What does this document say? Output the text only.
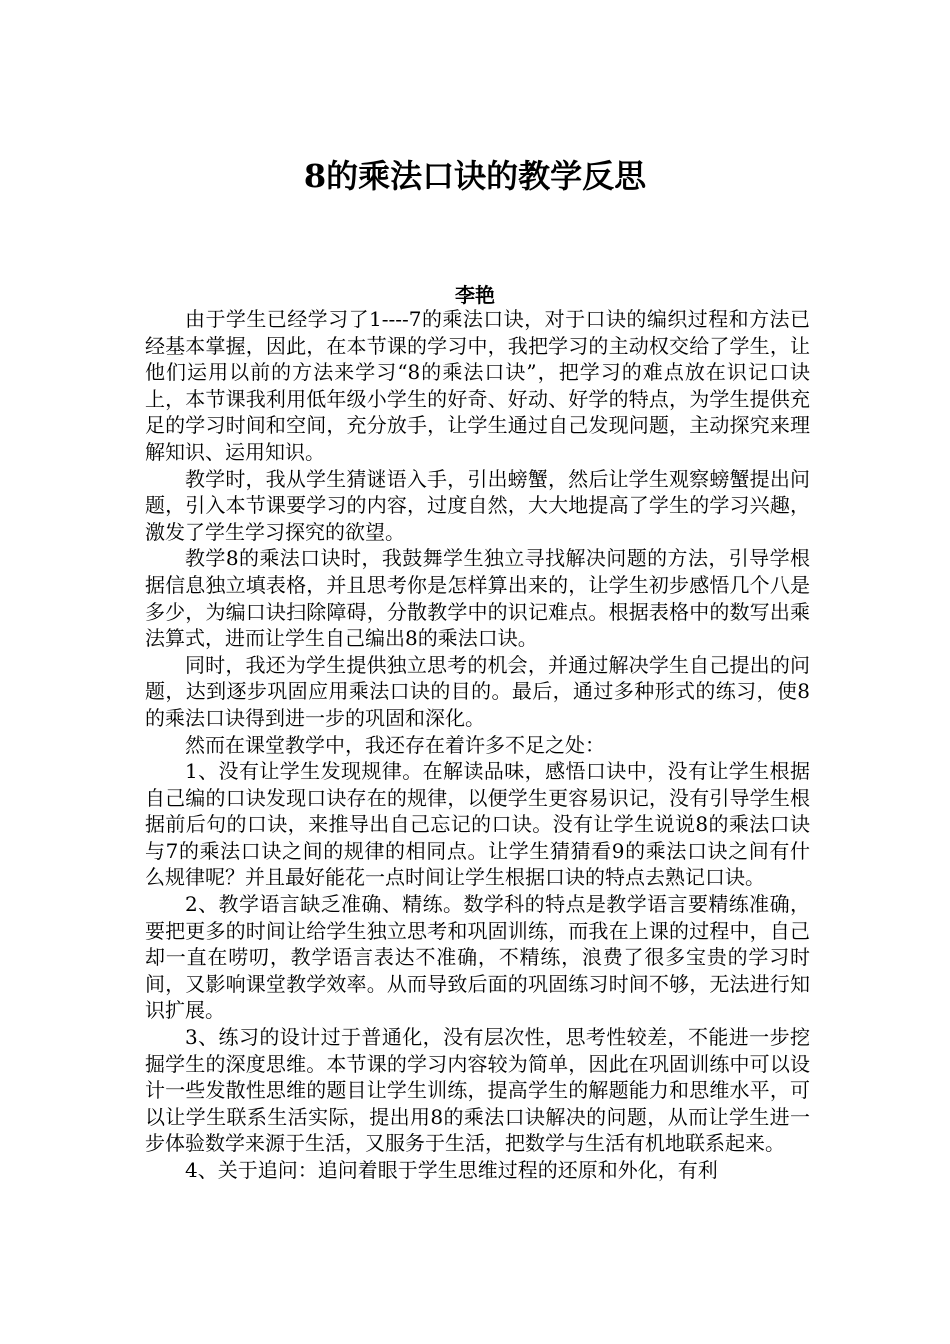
8的乘法口诀的教学反思
李艳

由于学生已经学习了1----7的乘法口诀，对于口诀的编织过程和方法已经基本掌握，因此，在本节课的学习中，我把学习的主动权交给了学生，让他们运用以前的方法来学习“8的乘法口诀”，把学习的难点放在识记口诀上，本节课我利用低年级小学生的好奇、好动、好学的特点，为学生提供充足的学习时间和空间，充分放手，让学生通过自己发现问题，主动探究来理解知识、运用知识。

教学时，我从学生猜谜语入手，引出螃蟹，然后让学生观察螃蟹提出问题，引入本节课要学习的内容，过度自然，大大地提高了学生的学习兴趣，激发了学生学习探究的欲望。

教学8的乘法口诀时，我鼓舞学生独立寻找解决问题的方法，引导学根据信息独立填表格，并且思考你是怎样算出来的，让学生初步感悟几个八是多少，为编口诀扫除障碍，分散教学中的识记难点。根据表格中的数写出乘法算式，进而让学生自己编出8的乘法口诀。

同时，我还为学生提供独立思考的机会，并通过解决学生自己提出的问题，达到逐步巩固应用乘法口诀的目的。最后，通过多种形式的练习，使8的乘法口诀得到进一步的巩固和深化。

然而在课堂教学中，我还存在着许多不足之处：

1、没有让学生发现规律。在解读品味，感悟口诀中，没有让学生根据自己编的口诀发现口诀存在的规律，以便学生更容易识记，没有引导学生根据前后句的口诀，来推导出自己忘记的口诀。没有让学生说说8的乘法口诀与7的乘法口诀之间的规律的相同点。让学生猜猜看9的乘法口诀之间有什么规律呢？并且最好能花一点时间让学生根据口诀的特点去熟记口诀。

2、教学语言缺乏准确、精练。数学科的特点是教学语言要精练准确，要把更多的时间让给学生独立思考和巩固训练，而我在上课的过程中，自己却一直在唠叨，教学语言表达不准确，不精练，浪费了很多宝贵的学习时间，又影响课堂教学效率。从而导致后面的巩固练习时间不够，无法进行知识扩展。

3、练习的设计过于普通化，没有层次性，思考性较差，不能进一步挖掘学生的深度思维。本节课的学习内容较为简单，因此在巩固训练中可以设计一些发散性思维的题目让学生训练，提高学生的解题能力和思维水平，可以让学生联系生活实际，提出用8的乘法口诀解决的问题，从而让学生进一步体验数学来源于生活，又服务于生活，把数学与生活有机地联系起来。

4、关于追问：追问着眼于学生思维过程的还原和外化，有利
